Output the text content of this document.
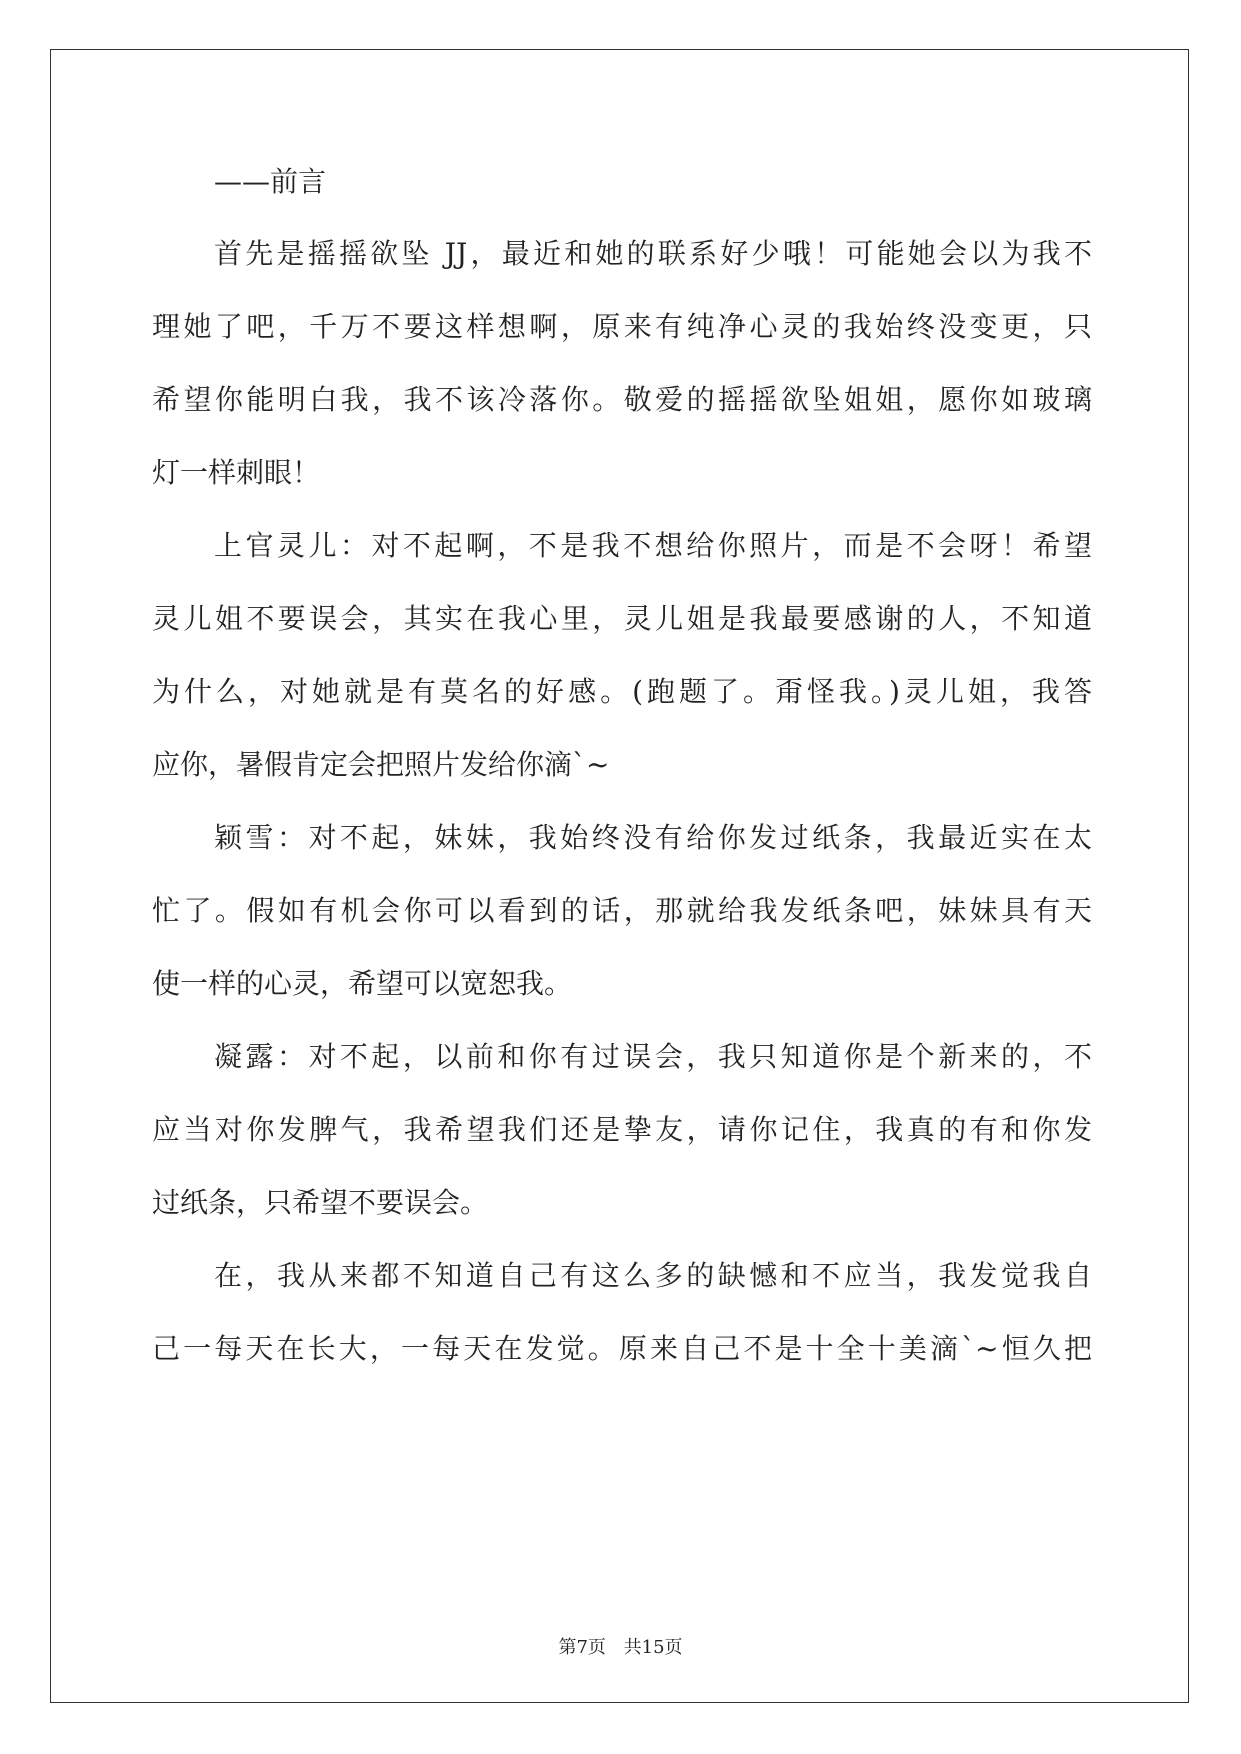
——前言
首先是摇摇欲坠 JJ，最近和她的联系好少哦！可能她会以为我不
理她了吧，千万不要这样想啊，原来有纯净心灵的我始终没变更，只
希望你能明白我，我不该冷落你。敬爱的摇摇欲坠姐姐，愿你如玻璃
灯一样刺眼！
上官灵儿：对不起啊，不是我不想给你照片，而是不会呀！希望
灵儿姐不要误会，其实在我心里，灵儿姐是我最要感谢的人，不知道
为什么，对她就是有莫名的好感。(跑题了。甭怪我。)灵儿姐，我答
应你，暑假肯定会把照片发给你滴`~
颖雪：对不起，妹妹，我始终没有给你发过纸条，我最近实在太
忙了。假如有机会你可以看到的话，那就给我发纸条吧，妹妹具有天
使一样的心灵，希望可以宽恕我。
凝露：对不起，以前和你有过误会，我只知道你是个新来的，不
应当对你发脾气，我希望我们还是挚友，请你记住，我真的有和你发
过纸条，只希望不要误会。
在，我从来都不知道自己有这么多的缺憾和不应当，我发觉我自
己一每天在长大，一每天在发觉。原来自己不是十全十美滴`~恒久把
第7页 共15页
